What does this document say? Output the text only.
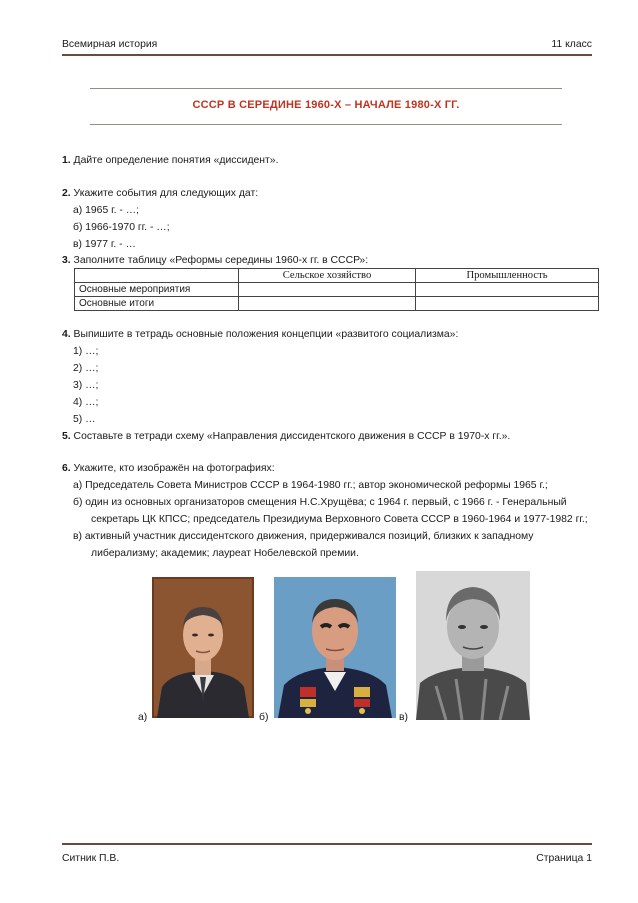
Всемирная история	11 класс
СССР В СЕРЕДИНЕ 1960-Х – НАЧАЛЕ 1980-Х ГГ.
1. Дайте определение понятия «диссидент».
2. Укажите события для следующих дат:
а) 1965 г. - …;
б) 1966-1970 гг. - …;
в) 1977 г. - …
3. Заполните таблицу «Реформы середины 1960-х гг. в СССР»:
	Сельское хозяйство	Промышленность
Основные мероприятия		
Основные итоги		
4. Выпишите в тетрадь основные положения концепции «развитого социализма»:
1) …;
2) …;
3) …;
4) …;
5) …
5. Составьте в тетради схему «Направления диссидентского движения в СССР в 1970-х гг.».
6. Укажите, кто изображён на фотографиях:
а) Председатель Совета Министров СССР в 1964-1980 гг.; автор экономической реформы 1965 г.;
б) один из основных организаторов смещения Н.С.Хрущёва; с 1964 г. первый, с 1966 г. - Генеральный секретарь ЦК КПСС; председатель Президиума Верховного Совета СССР в 1960-1964 и 1977-1982 гг.;
в) активный участник диссидентского движения, придерживался позиций, близких к западному либерализму; академик; лауреат Нобелевской премии.
а)	б)	в)
Ситник П.В.	Страница 1
